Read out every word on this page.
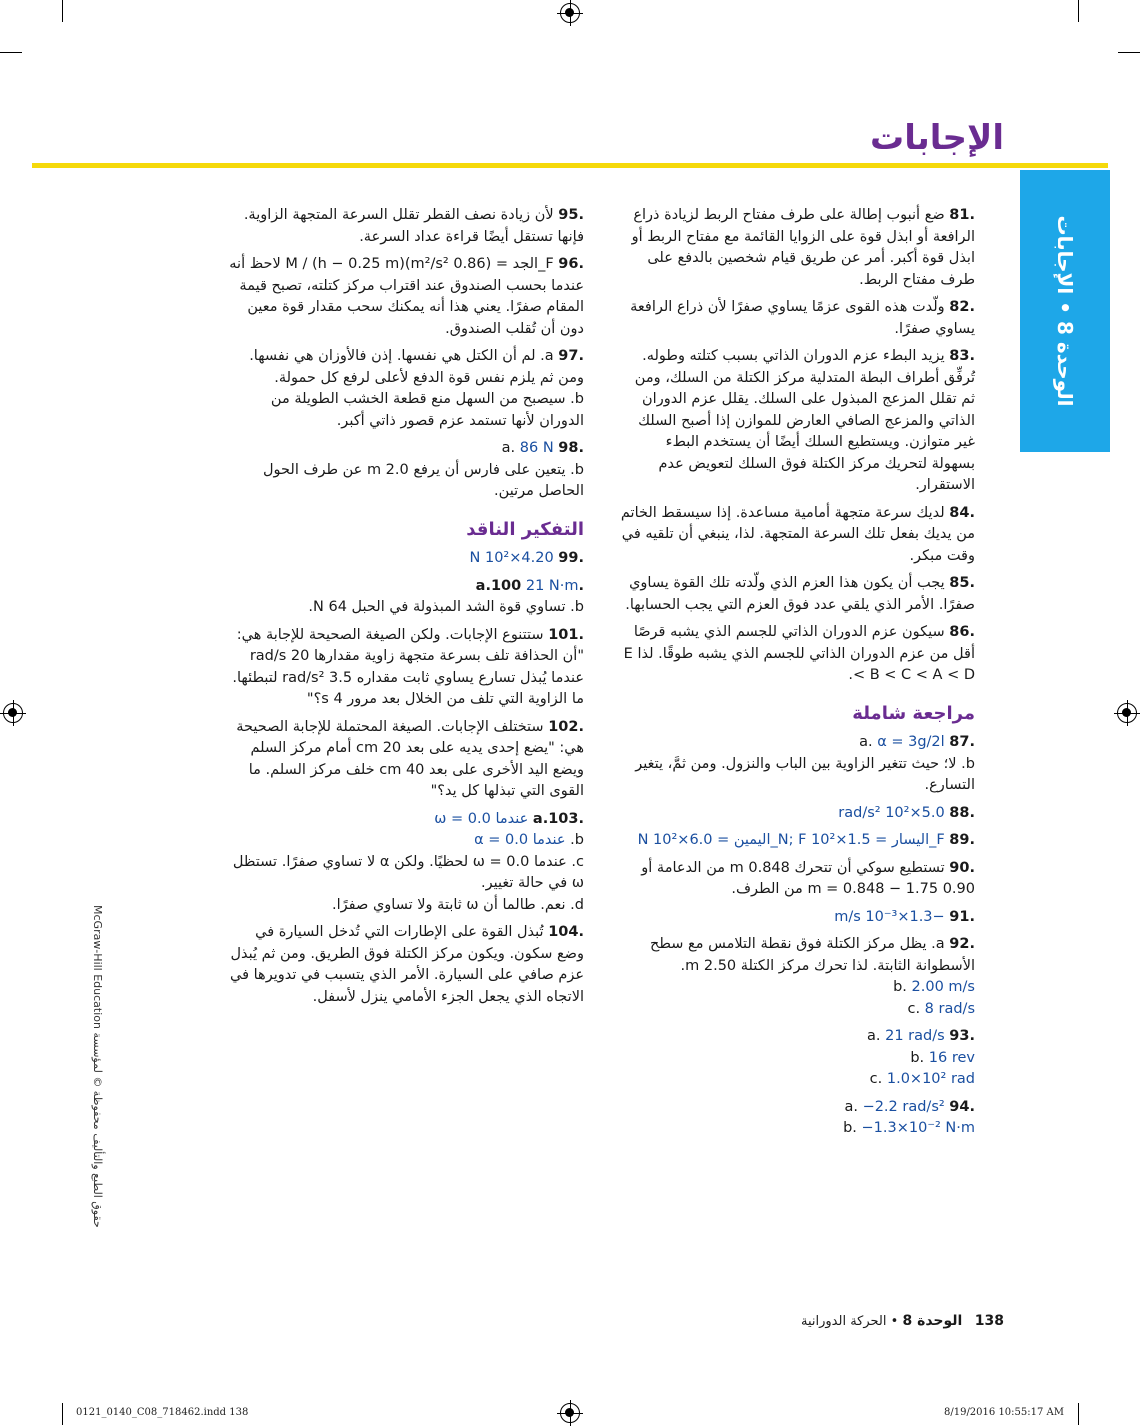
الإجابات
الوحدة 8 • الإجابات
.81 ضع أنبوب إطالة على طرف مفتاح الربط لزيادة ذراع الرافعة أو ابذل قوة على الزوايا القائمة مع مفتاح الربط أو ابذل قوة أكبر. أمر عن طريق قيام شخصين بالدفع على طرف مفتاح الربط.
.82 ولّدت هذه القوى عزمًا يساوي صفرًا لأن ذراع الرافعة يساوي صفرًا.
.83 يزيد البطء عزم الدوران الذاتي بسبب كتلته وطوله. تُرفِّق أطراف البطة المتدلية مركز الكتلة من السلك، ومن ثم تقلل المزعج المبذول على السلك. يقلل عزم الدوران الذاتي والمزعج الصافي العارض للموازن إذا أصبح السلك غير متوازن. ويستطيع السلك أيضًا أن يستخدم البطء بسهولة لتحريك مركز الكتلة فوق السلك لتعويض عدم الاستقرار.
.84 لديك سرعة متجهة أمامية مساعدة. إذا سيسقط الخاتم من يديك بفعل تلك السرعة المتجهة. لذا، ينبغي أن تلقيه في وقت مبكر.
.85 يجب أن يكون هذا العزم الذي ولّدته تلك القوة يساوي صفرًا. الأمر الذي يلقي عدد فوق العزم التي يجب الحسابها.
.86 سيكون عزم الدوران الذاتي للجسم الذي يشبه قرصًا أقل من عزم الدوران الذاتي للجسم الذي يشبه طوقًا. لذا E < B < C < A < D.
مراجعة شاملة
.87 a. α = 3g/2l
b. لا؛ حيث تتغير الزاوية بين الباب والنزول. ومن ثمَّ، يتغير التسارع.
.88 5.0×10² rad/s²
.89 F_اليسار = 1.5×10² N; F_اليمين = 6.0×10² N
.90 تستطيع سوكي أن تتحرك 0.848 m من الدعامة أو 0.90 m = 0.848 − 1.75 من الطرف.
.91 −1.3×10⁻³ m/s
.92 a. يظل مركز الكتلة فوق نقطة التلامس مع سطح الأسطوانة الثابتة. لذا تحرك مركز الكتلة 2.50 m.
b. 2.00 m/s
c. 8 rad/s
.93 a. 21 rad/s
b. 16 rev
c. 1.0×10² rad
.94 a. −2.2 rad/s²
b. −1.3×10⁻² N·m
.95 لأن زيادة نصف القطر تقلل السرعة المتجهة الزاوية. فإنها تستقل أيضًا قراءة عداد السرعة.
.96 F_الجد = (0.86 m²/s²)M / (h − 0.25 m) لاحظ أنه عندما بحسب الصندوق عند اقتراب مركز كتلته، تصبح قيمة المقام صفرًا. يعني هذا أنه يمكنك سحب مقدار قوة معين دون أن تُقلب الصندوق.
.97 a. لم أن الكتل هي نفسها. إذن فالأوزان هي نفسها. ومن ثم يلزم نفس قوة الدفع لأعلى لرفع كل حمولة.
b. سيصبح من السهل منع قطعة الخشب الطويلة من الدوران لأنها تستمد عزم قصور ذاتي أكبر.
.98 a. 86 N
b. يتعين على فارس أن يرفع 2.0 m عن طرف الحول الحاصل مرتين.
التفكير الناقد
.99 4.20×10² N
.a.100 21 N·m
b. تساوي قوة الشد المبذولة في الحبل 64 N.
.101 ستتنوع الإجابات. ولكن الصيغة الصحيحة للإجابة هي: "أن الحذافة تلف بسرعة متجهة زاوية مقدارها 20 rad/s عندما يُبذل تسارع يساوي ثابت مقداره 3.5 rad/s² لتبطئها. ما الزاوية التي تلف من الخلال بعد مرور 4 s؟"
.102 ستختلف الإجابات. الصيغة المحتملة للإجابة الصحيحة هي: "يضع إحدى يديه على بعد 20 cm أمام مركز السلم ويضع اليد الأخرى على بعد 40 cm خلف مركز السلم. ما القوى التي تبذلها كل يد؟"
.a.103 عندما ω = 0.0
b. عندما α = 0.0
c. عندما ω = 0.0 لحظيًا. ولكن α لا تساوي صفرًا. تستظل ω في حالة تغيير.
d. نعم. طالما أن ω ثابتة ولا تساوي صفرًا.
.104 تُبذل القوة على الإطارات التي تُدخل السيارة في وضع سكون. ويكون مركز الكتلة فوق الطريق. ومن ثم يُبذل عزم صافي على السيارة. الأمر الذي يتسبب في تدويرها في الاتجاه الذي يجعل الجزء الأمامي ينزل لأسفل.
حقوق الطبع والتأليف محفوظة © لمؤسسة McGraw-Hill Education
138   الوحدة 8 • الحركة الدورانية
0121_0140_C08_718462.indd 138	8/19/2016 10:55:17 AM
